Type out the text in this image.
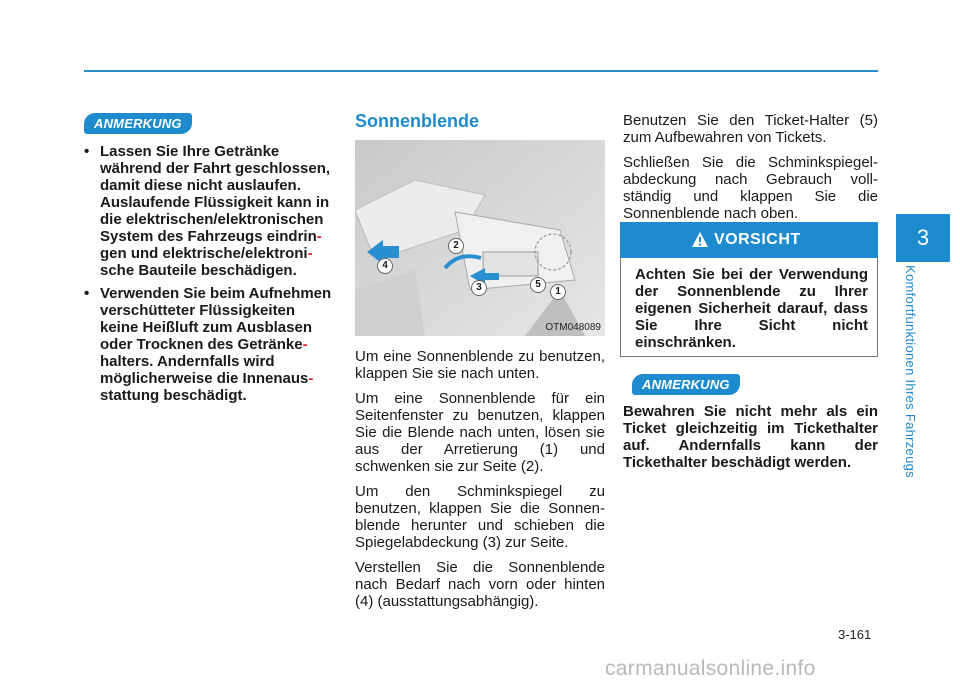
ANMERKUNG
• Lassen Sie Ihre Getränke
während der Fahrt geschlossen,
damit diese nicht auslaufen.
Auslaufende Flüssigkeit kann in
die elektrischen/elektronischen
System des Fahrzeugs eindrin-
gen und elektrische/elektroni-
sche Bauteile beschädigen.
• Verwenden Sie beim Aufnehmen
verschütteter Flüssigkeiten
keine Heißluft zum Ausblasen
oder Trocknen des Getränke-
halters. Andernfalls wird
möglicherweise die Innenaus-
stattung beschädigt.
Sonnenblende
OTM048089
1
2
3
4
5

Um eine Sonnenblende zu benutzen, klappen Sie sie nach unten.

Um eine Sonnenblende für ein Seitenfenster zu benutzen, klappen Sie die Blende nach unten, lösen sie aus der Arretierung (1) und schwenken sie zur Seite (2).

Um den Schminkspiegel zu benutzen, klappen Sie die Sonnen-blende herunter und schieben die Spiegelabdeckung (3) zur Seite.

Verstellen Sie die Sonnenblende nach Bedarf nach vorn oder hinten (4) (ausstattungsabhängig).

Benutzen Sie den Ticket-Halter (5) zum Aufbewahren von Tickets.

Schließen Sie die Schminkspiegel-abdeckung nach Gebrauch voll-ständig und klappen Sie die Sonnenblende nach oben.

VORSICHT
Achten Sie bei der Verwendung der Sonnenblende zu Ihrer eigenen Sicherheit darauf, dass Sie Ihre Sicht nicht einschränken.
ANMERKUNG
Bewahren Sie nicht mehr als ein Ticket gleichzeitig im Tickethalter auf. Andernfalls kann der Tickethalter beschädigt werden.
3
Komfortfunktionen Ihres Fahrzeugs
3-161
carmanualsonline.info
